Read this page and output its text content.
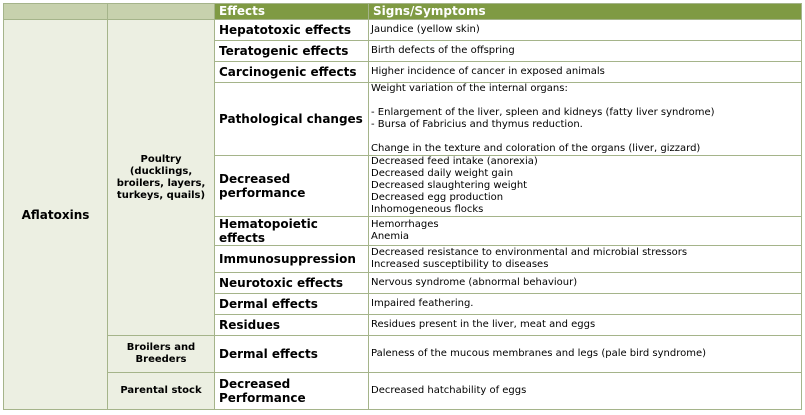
		Effects	Signs/Symptoms
Aflatoxins	Poultry (ducklings, broilers, layers, turkeys, quails)	Hepatotoxic effects	Jaundice (yellow skin)

		Teratogenic effects	Birth defects of the offspring

		Carcinogenic effects	Higher incidence of cancer in exposed animals

		Pathological changes	Weight variation of the internal organs:
- Enlargement of the liver, spleen and kidneys (fatty liver syndrome)
- Bursa of Fabricius and thymus reduction.
Change in the texture and coloration of the organs (liver, gizzard)

		Decreased performance	Decreased feed intake (anorexia)
Decreased daily weight gain
Decreased slaughtering weight
Decreased egg production
Inhomogeneous flocks

		Hematopoietic effects	Hemorrhages
Anemia

		Immunosuppression	Decreased resistance to environmental and microbial stressors
Increased susceptibility to diseases

		Neurotoxic effects	Nervous syndrome (abnormal behaviour)

		Dermal effects	Impaired feathering.

		Residues	Residues present in the liver, meat and eggs

	Broilers and Breeders	Dermal effects	Paleness of the mucous membranes and legs (pale bird syndrome)

	Parental stock	Decreased Performance	Decreased hatchability of eggs
